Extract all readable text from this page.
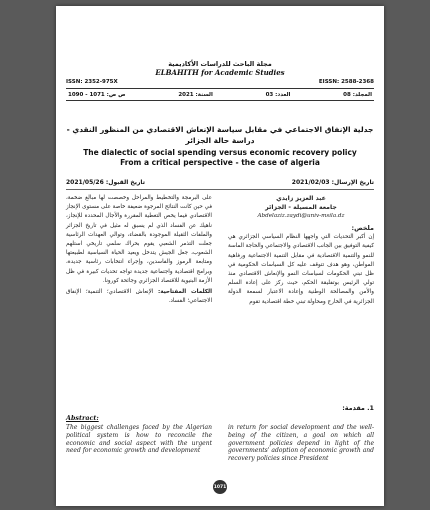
مجلة الباحث للدراسات الأكاديمية
ELBAHITH for Academic Studies
ISSN: 2352-975X	EISSN: 2588-2368
ص ص: 1071 - 1090	السنة: 2021	العدد: 03	المجلد: 08
جدلية الإنفاق الاجتماعي في مقابل سياسة الإنعاش الاقتصادي من المنظور النقدي - دراسة حالة الجزائر
The dialectic of social spending versus economic recovery policy
From a critical perspective - the case of algeria
تاريخ القبول: 2021/05/26	تاريخ الإرسال: 2021/02/03
عبد العزيز زايدي
جامعة المسيلة - الجزائر
Abdelaziz.zaydi@univ-msila.dz
ملخص:

إن أكبر التحديات التي واجهها النظام السياسي الجزائري هي كيفية التوفيق بين الجانب الاقتصادي والاجتماعي والحاجة الماسة للنمو والتنمية الاقتصادية في مقابل التنمية الاجتماعية ورفاهية المواطن، وهو هدف تتوقف عليه كل السياسات الحكومية في ظل تبني الحكومات لسياسات النمو والإنعاش الاقتصادي منذ تولي الرئيس بوتفليقة الحكم، حيث ركز على إعادة السلم والأمن والمصالحة الوطنية وإعادة الاعتبار لسمعة الدولة الجزائرية في الخارج ومحاولة تبني خطة اقتصادية تقوم

على البرمجة والتخطيط والمراحل وخصصت لها مبالغ ضخمة، في حين كانت النتائج المرجوة ضعيفة خاصة على مستوى الإنجاز الاقتصادي فيما يخص التغطية المقررة والأجال المحددة للإنجاز، ناهيك عن الفساد الذي لم يسبق له مثيل في تاريخ الجزائر والملفات الثقيلة الموجودة بالقضاء، وتوالي العهدات الرئاسية جعلت التذمر الشعبي يقوم بحراك سلمي تاريخي استلهم الشعوب، جعل الجيش يتدخل ويعيد الحياة السياسية لطبيعتها ومتابعة الرموز والفاسدين، وإجراء انتخابات رئاسية جديدة، وبرامج اقتصادية واجتماعية جديدة تواجه تحديات كبيرة في ظل الأزمة البنيوية للاقتصاد الجزائري وجائحة كورونا.

الكلمات المفتاحية: الإنعاش الاقتصادي؛ التنمية؛ الإنفاق الاجتماعي؛ الفساد.
1. مقدمة:
Abstract:
The biggest challenges faced by the Algerian political system is how to reconcile the economic and social aspect with the urgent need for economic growth and development
in return for social development and the well-being of the citizen, a goal on which all government policies depend in light of the governments' adoption of economic growth and recovery policies since President
1071
